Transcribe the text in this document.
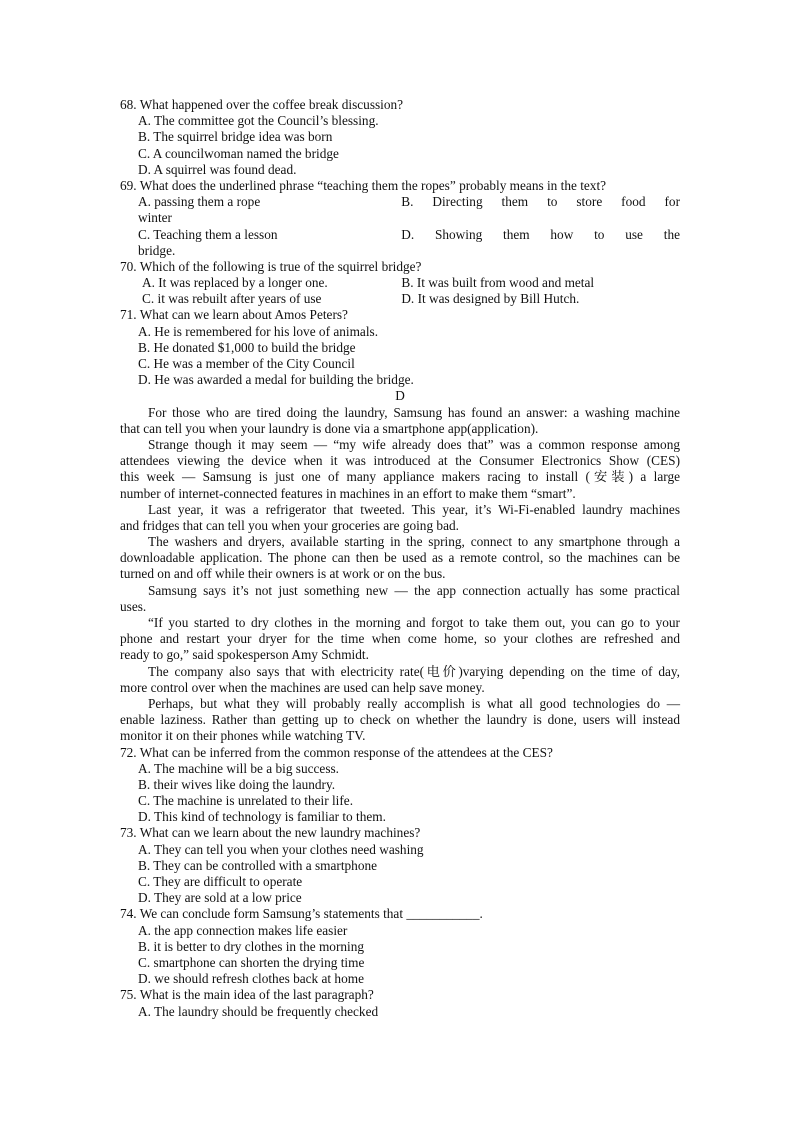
68. What happened over the coffee break discussion?
A. The committee got the Council’s blessing.
B. The squirrel bridge idea was born
C. A councilwoman named the bridge
D. A squirrel was found dead.
69. What does the underlined phrase “teaching them the ropes” probably means in the text?
A. passing them a rope	B. Directing them to store food for
winter
C. Teaching them a lesson	D. Showing them how to use the
bridge.
70. Which of the following is true of the squirrel bridge?
A. It was replaced by a longer one.	B. It was built from wood and metal
C. it was rebuilt after years of use	D. It was designed by Bill Hutch.
71. What can we learn about Amos Peters?
A. He is remembered for his love of animals.
B. He donated $1,000 to build the bridge
C. He was a member of the City Council
D. He was awarded a medal for building the bridge.
D
For those who are tired doing the laundry, Samsung has found an answer: a washing machine
that can tell you when your laundry is done via a smartphone app(application).
Strange though it may seem — “my wife already does that” was a common response among
attendees viewing the device when it was introduced at the Consumer Electronics Show (CES)
this week — Samsung is just one of many appliance makers racing to install (安装) a large
number of internet-connected features in machines in an effort to make them “smart”.
Last year, it was a refrigerator that tweeted. This year, it’s Wi-Fi-enabled laundry machines
and fridges that can tell you when your groceries are going bad.
The washers and dryers, available starting in the spring, connect to any smartphone through a
downloadable application. The phone can then be used as a remote control, so the machines can be
turned on and off while their owners is at work or on the bus.
Samsung says it’s not just something new — the app connection actually has some practical
uses.
“If you started to dry clothes in the morning and forgot to take them out, you can go to your
phone and restart your dryer for the time when come home, so your clothes are refreshed and
ready to go,” said spokesperson Amy Schmidt.
The company also says that with electricity rate(电价)varying depending on the time of day,
more control over when the machines are used can help save money.
Perhaps, but what they will probably really accomplish is what all good technologies do —
enable laziness. Rather than getting up to check on whether the laundry is done, users will instead
monitor it on their phones while watching TV.
72. What can be inferred from the common response of the attendees at the CES?
A. The machine will be a big success.
B. their wives like doing the laundry.
C. The machine is unrelated to their life.
D. This kind of technology is familiar to them.
73. What can we learn about the new laundry machines?
A. They can tell you when your clothes need washing
B. They can be controlled with a smartphone
C. They are difficult to operate
D. They are sold at a low price
74. We can conclude form Samsung’s statements that ___________.
A. the app connection makes life easier
B. it is better to dry clothes in the morning
C. smartphone can shorten the drying time
D. we should refresh clothes back at home
75. What is the main idea of the last paragraph?
A. The laundry should be frequently checked
